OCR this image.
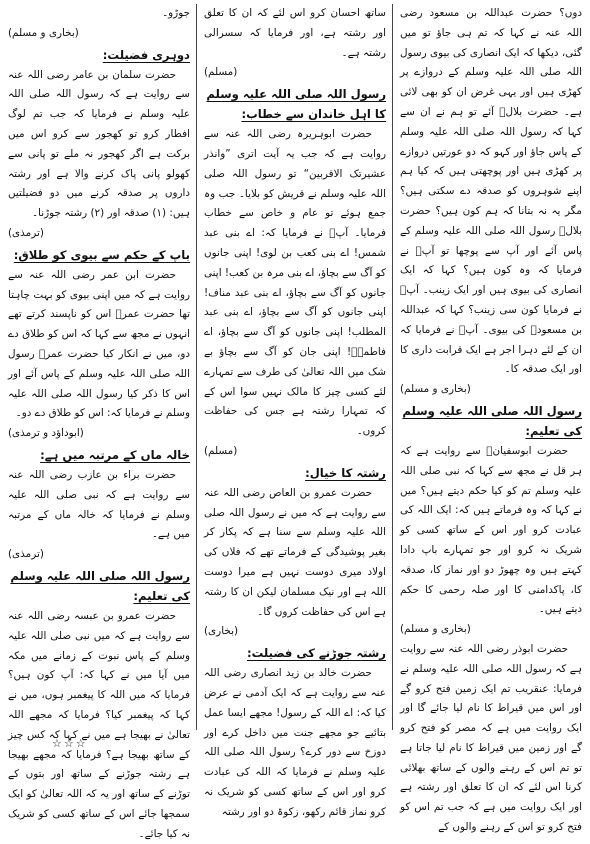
دوں؟ حضرت عبداللہ بن مسعود رضی اللہ عنہ نے کہا کہ تم ہی جاؤ تو میں گئی، دیکھا کہ ایک انصاری کی بیوی رسول اللہ صلی اللہ علیہ وسلم کے دروازے پر کھڑی ہیں اور یہی غرض ان کو بھی لائی ہے۔ حضرت بلالؓ آئے تو ہم نے ان سے کہا کہ رسول اللہ صلی اللہ علیہ وسلم کے پاس جاؤ اور کہو کہ دو عورتیں دروازے پر کھڑی ہیں اور پوچھتی ہیں کہ کیا ہم اپنے شوہروں کو صدقہ دے سکتی ہیں؟ مگر یہ نہ بتانا کہ ہم کون ہیں؟ حضرت بلالؓ رسول اللہ صلی اللہ علیہ وسلم کے پاس آئے اور آپ سے پوچھا تو آپؐ نے فرمایا کہ وہ کون ہیں؟ کہا کہ ایک انصاری کی بیوی ہیں اور ایک زینب۔ آپؐ نے فرمایا کون سی زینب؟ کہا کہ عبداللہ بن مسعودؓ کی بیوی۔ آپؐ نے فرمایا کہ ان کے لئے دہرا اجر ہے ایک قرابت داری کا اور ایک صدقہ کا۔

(بخاری و مسلم)
رسول اللہ صلی اللہ علیہ وسلم کی تعلیم:

حضرت ابوسفیانؓ سے روایت ہے کہ ہر قل نے مجھ سے کہا کہ نبی صلی اللہ علیہ وسلم تم کو کیا حکم دیتے ہیں؟ میں نے کہا کہ وہ فرماتے ہیں کہ: ایک اللہ کی عبادت کرو اور اس کے ساتھ کسی کو شریک نہ کرو اور جو تمہارے باپ دادا کہتے ہیں وہ چھوڑ دو اور نماز کا، صدقہ کا، پاکدامنی کا اور صلہ رحمی کا حکم دیتے ہیں۔

(بخاری و مسلم)

حضرت ابوذر رضی اللہ عنہ سے روایت ہے کہ رسول اللہ صلی اللہ علیہ وسلم نے فرمایا: عنقریب تم ایک زمین فتح کرو گے اور اس میں قیراط کا نام لیا جائے گا اور ایک روایت میں ہے کہ مصر کو فتح کرو گے اور زمین میں قیراط کا نام لیا جاتا ہے تو تم اس کے رہنے والوں کے ساتھ بھلائی کرنا اس لئے کہ ان کا تعلق اور رشتہ ہے اور ایک روایت میں ہے کہ جب تم اس کو فتح کرو تو اس کے رہنے والوں کے

ساتھ احسان کرو اس لئے کہ ان کا تعلق اور رشتہ ہے، اور فرمایا کہ سسرالی رشتہ ہے۔

(مسلم)
رسول اللہ صلی اللہ علیہ وسلم کا اہل خاندان سے خطاب:

حضرت ابوہریرہ رضی اللہ عنہ سے روایت ہے کہ جب یہ آیت اتری ”وانذر عشیرتک الاقربین“ تو رسول اللہ صلی اللہ علیہ وسلم نے قریش کو بلایا۔ جب وہ جمع ہوئے تو عام و خاص سے خطاب فرمایا۔ آپؐ نے فرمایا کہ: اے بنی عبد شمس! اے بنی کعب بن لوی! اپنی جانوں کو آگ سے بچاؤ، اے بنی مرہ بن کعب! اپنی جانوں کو آگ سے بچاؤ، اے بنی عبد مناف! اپنی جانوں کو آگ سے بچاؤ، اے بنی عبد المطلب! اپنی جانوں کو آگ سے بچاؤ، اے فاطمہؓ! اپنی جان کو آگ سے بچاؤ بے شک میں اللہ تعالیٰ کی طرف سے تمہارے لئے کسی چیز کا مالک نہیں سوا اس کے کہ تمہارا رشتہ ہے جس کی حفاظت کروں۔

(مسلم)
رشتہ کا خیال:

حضرت عمرو بن العاص رضی اللہ عنہ سے روایت ہے کہ میں نے رسول اللہ صلی اللہ علیہ وسلم سے سنا ہے کہ پکار کر بغیر پوشیدگی کے فرماتے تھے کہ فلاں کی اولاد میری دوست نہیں ہے میرا دوست اللہ ہے اور نیک مسلمان لیکن ان کا رشتہ ہے اس کی حفاظت کروں گا۔

(بخاری)
رشتہ جوڑنے کی فضیلت:

حضرت خالد بن زید انصاری رضی اللہ عنہ سے روایت ہے کہ ایک آدمی نے عرض کیا کہ: اے اللہ کے رسول! مجھے ایسا عمل بتائیے جو مجھے جنت میں داخل کرے اور دوزخ سے دور کرے؟ رسول اللہ صلی اللہ علیہ وسلم نے فرمایا کہ اللہ کی عبادت کرو اور اس کے ساتھ کسی کو شریک نہ کرو نماز قائم رکھو، زکوۃ دو اور رشتہ

جوڑو۔

(بخاری و مسلم)
دوہری فضیلت:

حضرت سلمان بن عامر رضی اللہ عنہ سے روایت ہے کہ رسول اللہ صلی اللہ علیہ وسلم نے فرمایا کہ جب تم لوگ افطار کرو تو کھجور سے کرو اس میں برکت ہے اگر کھجور نہ ملے تو پانی سے کھولو پانی پاک کرنے والا ہے اور رشتہ داروں پر صدقہ کرنے میں دو فضیلتیں ہیں: (۱) صدقہ اور (۲) رشتہ جوڑنا۔

(ترمذی)
باپ کے حکم سے بیوی کو طلاق:

حضرت ابن عمر رضی اللہ عنہ سے روایت ہے کہ میں اپنی بیوی کو بہت چاہتا تھا حضرت عمرؓ اس کو ناپسند کرتے تھے انہوں نے مجھ سے کہا کہ اس کو طلاق دے دو، میں نے انکار کیا حضرت عمرؓ رسول اللہ صلی اللہ علیہ وسلم کے پاس آئے اور اس کا ذکر کیا رسول اللہ صلی اللہ علیہ وسلم نے فرمایا کہ: اس کو طلاق دے دو۔

(ابوداؤد و ترمذی)
خالہ ماں کے مرتبہ میں ہے:

حضرت براء بن عازب رضی اللہ عنہ سے روایت ہے کہ نبی صلی اللہ علیہ وسلم نے فرمایا کہ خالہ ماں کے مرتبہ میں ہے۔

(ترمذی)
رسول اللہ صلی اللہ علیہ وسلم کی تعلیم:

حضرت عمرو بن عبسہ رضی اللہ عنہ سے روایت ہے کہ میں نبی صلی اللہ علیہ وسلم کے پاس نبوت کے زمانے میں مکہ میں آیا میں نے کہا کہ: آپ کون ہیں؟ فرمایا کہ میں اللہ کا پیغمبر ہوں، میں نے کہا کہ پیغمبر کیا؟ فرمایا کہ مجھے اللہ تعالیٰ نے بھیجا ہے میں نے کہا کہ کس چیز کے ساتھ بھیجا ہے؟ فرمایا کہ مجھے بھیجا ہے رشتہ جوڑنے کے ساتھ اور بتوں کے توڑنے کے ساتھ اور یہ کہ اللہ تعالیٰ کو ایک سمجھا جائے اس کے ساتھ کسی کو شریک نہ کیا جائے۔

☆☆☆
